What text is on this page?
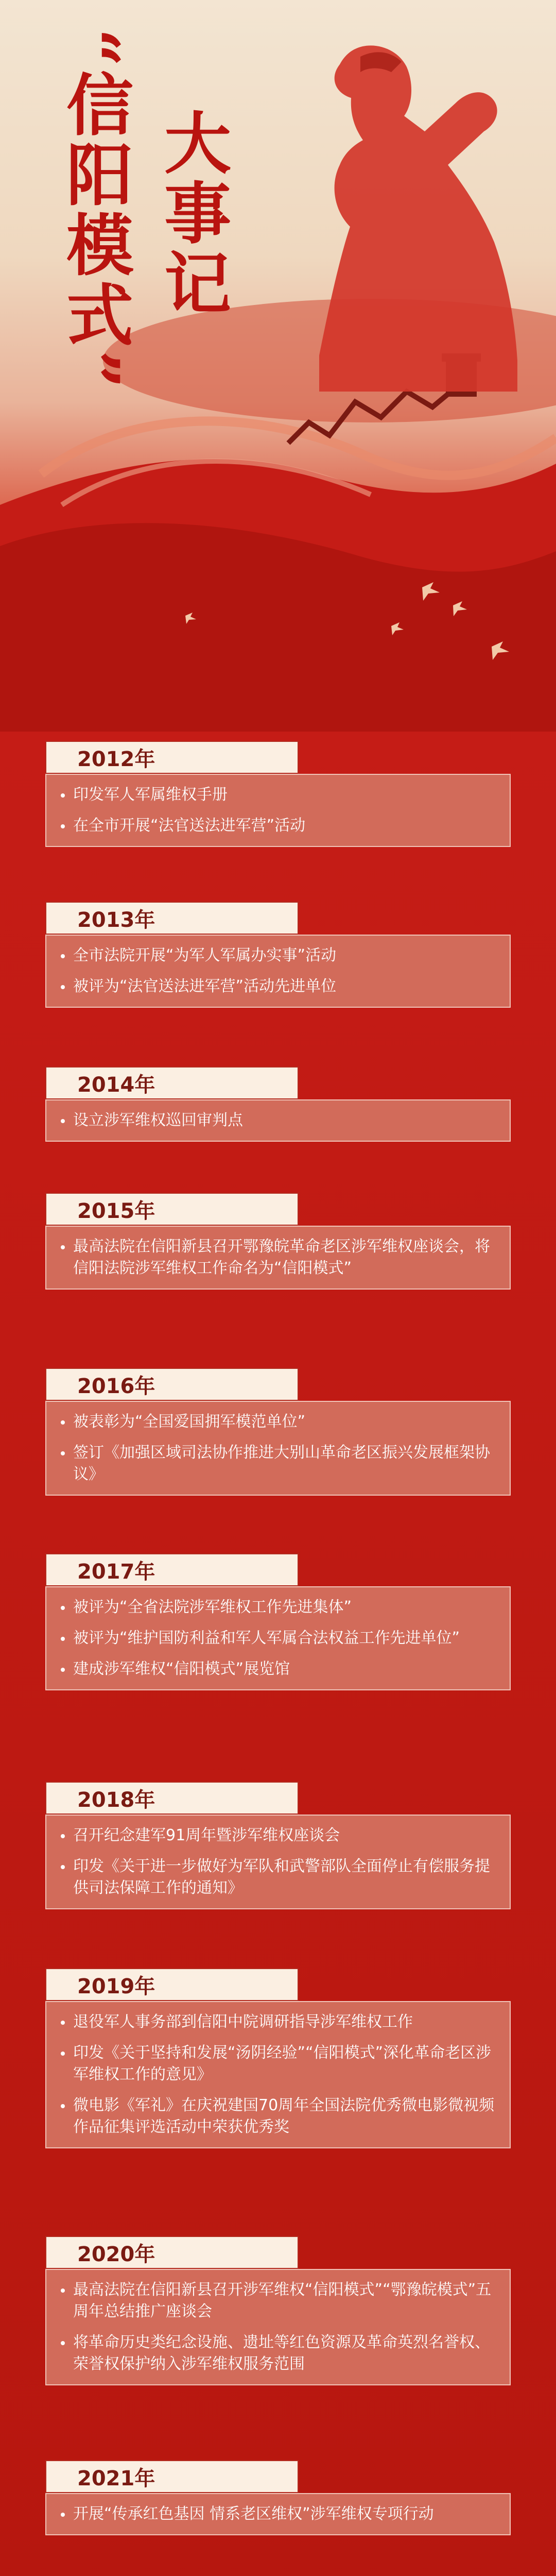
“信阳模式” 大事记
2012年
印发军人军属维权手册
在全市开展“法官送法进军营”活动
2013年
全市法院开展“为军人军属办实事”活动
被评为“法官送法进军营”活动先进单位
2014年
设立涉军维权巡回审判点
2015年
最高法院在信阳新县召开鄂豫皖革命老区涉军维权座谈会，将信阳法院涉军维权工作命名为“信阳模式”
2016年
被表彰为“全国爱国拥军模范单位”
签订《加强区域司法协作推进大别山革命老区振兴发展框架协议》
2017年
被评为“全省法院涉军维权工作先进集体”
被评为“维护国防利益和军人军属合法权益工作先进单位”
建成涉军维权“信阳模式”展览馆
2018年
召开纪念建军91周年暨涉军维权座谈会
印发《关于进一步做好为军队和武警部队全面停止有偿服务提供司法保障工作的通知》
2019年
退役军人事务部到信阳中院调研指导涉军维权工作
印发《关于坚持和发展“汤阴经验”“信阳模式”深化革命老区涉军维权工作的意见》
微电影《军礼》在庆祝建国70周年全国法院优秀微电影微视频作品征集评选活动中荣获优秀奖
2020年
最高法院在信阳新县召开涉军维权“信阳模式”“鄂豫皖模式”五周年总结推广座谈会
将革命历史类纪念设施、遗址等红色资源及革命英烈名誉权、荣誉权保护纳入涉军维权服务范围
2021年
开展“传承红色基因 情系老区维权”涉军维权专项行动
